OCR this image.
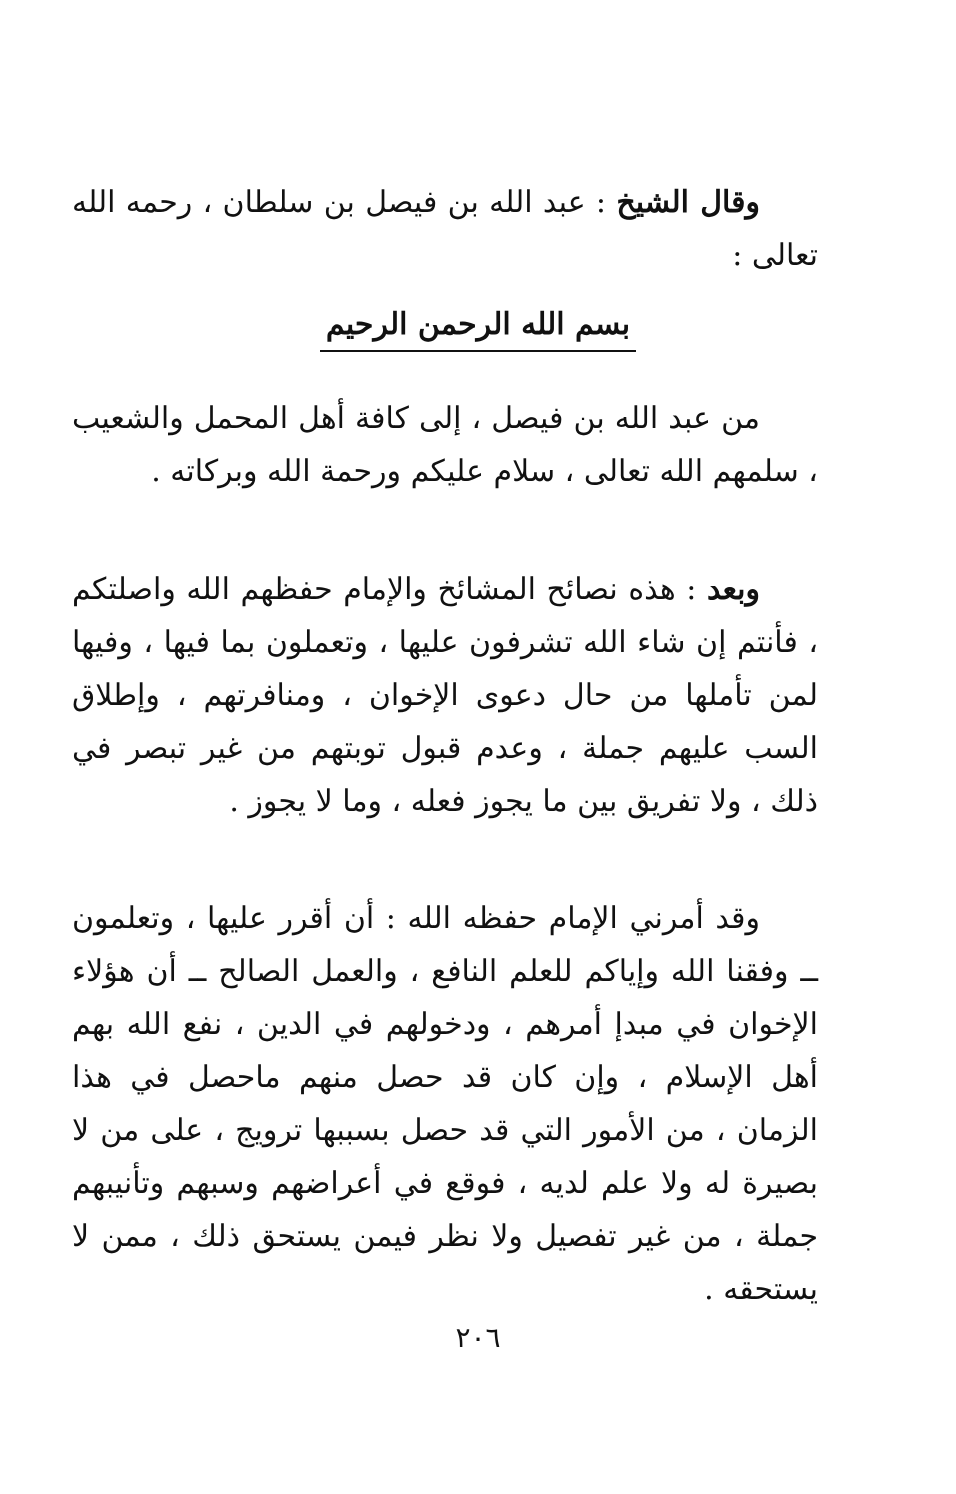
وقال الشيخ : عبد الله بن فيصل بن سلطان ، رحمه الله تعالى :

بسم الله الرحمن الرحيم

من عبد الله بن فيصل ، إلى كافة أهل المحمل والشعيب ، سلمهم الله تعالى ، سلام عليكم ورحمة الله وبركاته .

وبعد : هذه نصائح المشائخ والإمام حفظهم الله واصلتكم ، فأنتم إن شاء الله تشرفون عليها ، وتعملون بما فيها ، وفيها لمن تأملها من حال دعوى الإخوان ، ومنافرتهم ، وإطلاق السب عليهم جملة ، وعدم قبول توبتهم من غير تبصر في ذلك ، ولا تفريق بين ما يجوز فعله ، وما لا يجوز .

وقد أمرني الإمام حفظه الله : أن أقرر عليها ، وتعلمون ــ وفقنا الله وإياكم للعلم النافع ، والعمل الصالح ــ أن هؤلاء الإخوان في مبدإ أمرهم ، ودخولهم في الدين ، نفع الله بهم أهل الإسلام ، وإن كان قد حصل منهم ماحصل في هذا الزمان ، من الأمور التي قد حصل بسببها ترويج ، على من لا بصيرة له ولا علم لديه ، فوقع في أعراضهم وسبهم وتأنيبهم جملة ، من غير تفصيل ولا نظر فيمن يستحق ذلك ، ممن لا يستحقه .

٢٠٦
